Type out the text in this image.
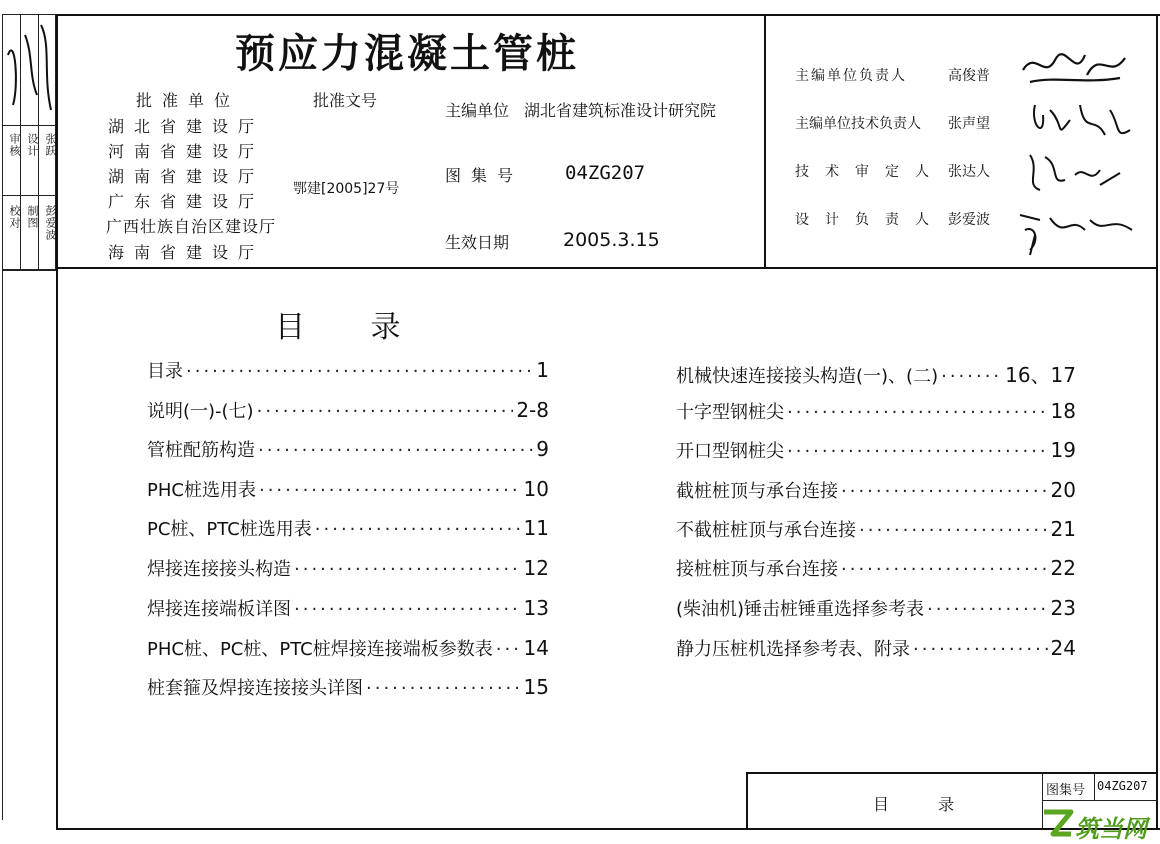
审核
校对
设计
制图
张跃
彭爱波
预应力混凝土管桩
批准单位
湖北省建设厅
河南省建设厅
湖南省建设厅
广东省建设厅
广西壮族自治区建设厅
海南省建设厅
批准文号
鄂建[2005]27号
主编单位 湖北省建筑标准设计研究院
图集号 04ZG207
生效日期	2005.3.15
主编单位负责人	高俊普
主编单位技术负责人 张声望
技术审定人 张达人
设计负责人 彭爱波
目 录
目录 ·····	1
说明(一)-(七) ·····	2-8
管桩配筋构造 ·····	9
PHC桩选用表 ·····	10
PC桩、PTC桩选用表 ·····	11
焊接连接接头构造 ·····	12
焊接连接端板详图 ·····	13
PHC桩、PC桩、PTC桩焊接连接端板参数表 ····· 14
桩套箍及焊接连接接头详图 ·····	15
机械快速连接接头构造(一)、(二) ·····	16、17
十字型钢桩尖 ·····	18
开口型钢桩尖 ·····	19
截桩桩顶与承台连接 ·····	20
不截桩桩顶与承台连接 ·····	21
接桩桩顶与承台连接 ·····	22
(柴油机)锤击桩锤重选择参考表 ·····	23
静力压桩机选择参考表、附录 ·····	24
目 录
图集号 04ZG207
筑当网
